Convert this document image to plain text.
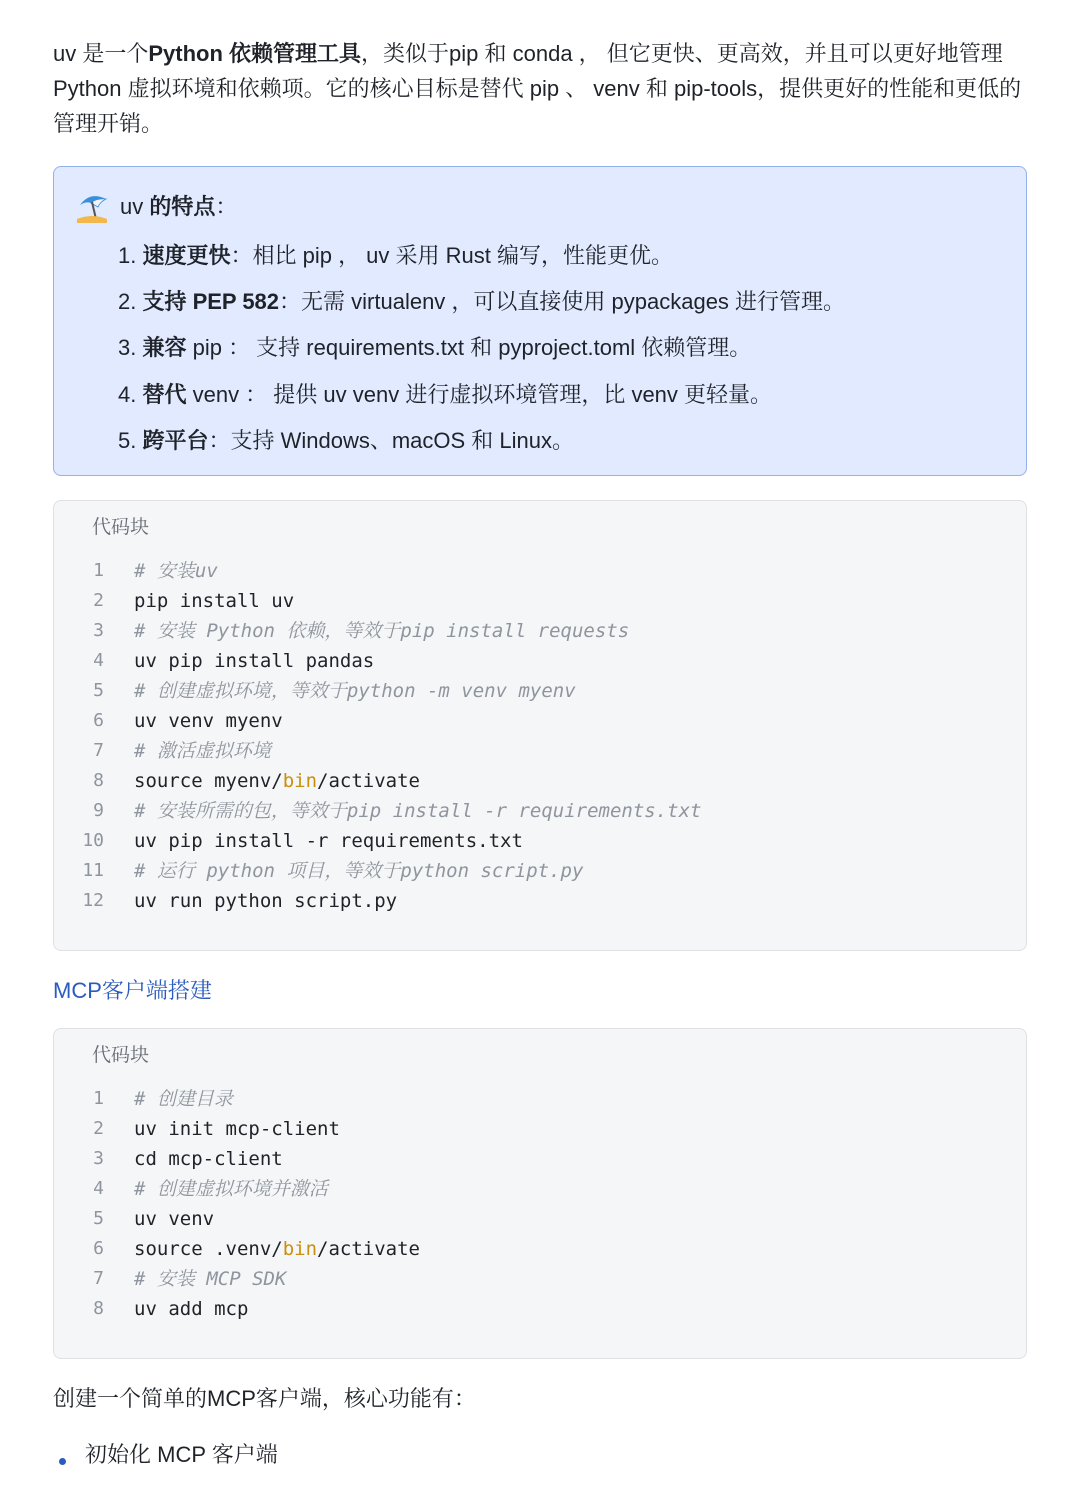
uv 是一个Python 依赖管理工具，类似于pip 和 conda ， 但它更快、更高效，并且可以更好地管理 Python 虚拟环境和依赖项。它的核心目标是替代 pip 、 venv 和 pip-tools，提供更好的性能和更低的管理开销。

uv 的特点：
1. 速度更快：相比 pip ， uv 采用 Rust 编写，性能更优。
2. 支持 PEP 582：无需 virtualenv ，可以直接使用 pypackages 进行管理。
3. 兼容 pip ： 支持 requirements.txt 和 pyproject.toml 依赖管理。
4. 替代 venv ： 提供 uv venv 进行虚拟环境管理，比 venv 更轻量。
5. 跨平台：支持 Windows、macOS 和 Linux。
代码块
1 # 安装uv
2 pip install uv
3 # 安装 Python 依赖，等效于pip install requests
4 uv pip install pandas
5 # 创建虚拟环境，等效于python -m venv myenv
6 uv venv myenv
7 # 激活虚拟环境
8 source myenv/bin/activate
9 # 安装所需的包，等效于pip install -r requirements.txt
10 uv pip install -r requirements.txt
11 # 运行 python 项目，等效于python script.py
12 uv run python script.py
MCP客户端搭建
代码块
1 # 创建目录
2 uv init mcp-client
3 cd mcp-client
4 # 创建虚拟环境并激活
5 uv venv
6 source .venv/bin/activate
7 # 安装 MCP SDK
8 uv add mcp

创建一个简单的MCP客户端，核心功能有：

初始化 MCP 客户端
